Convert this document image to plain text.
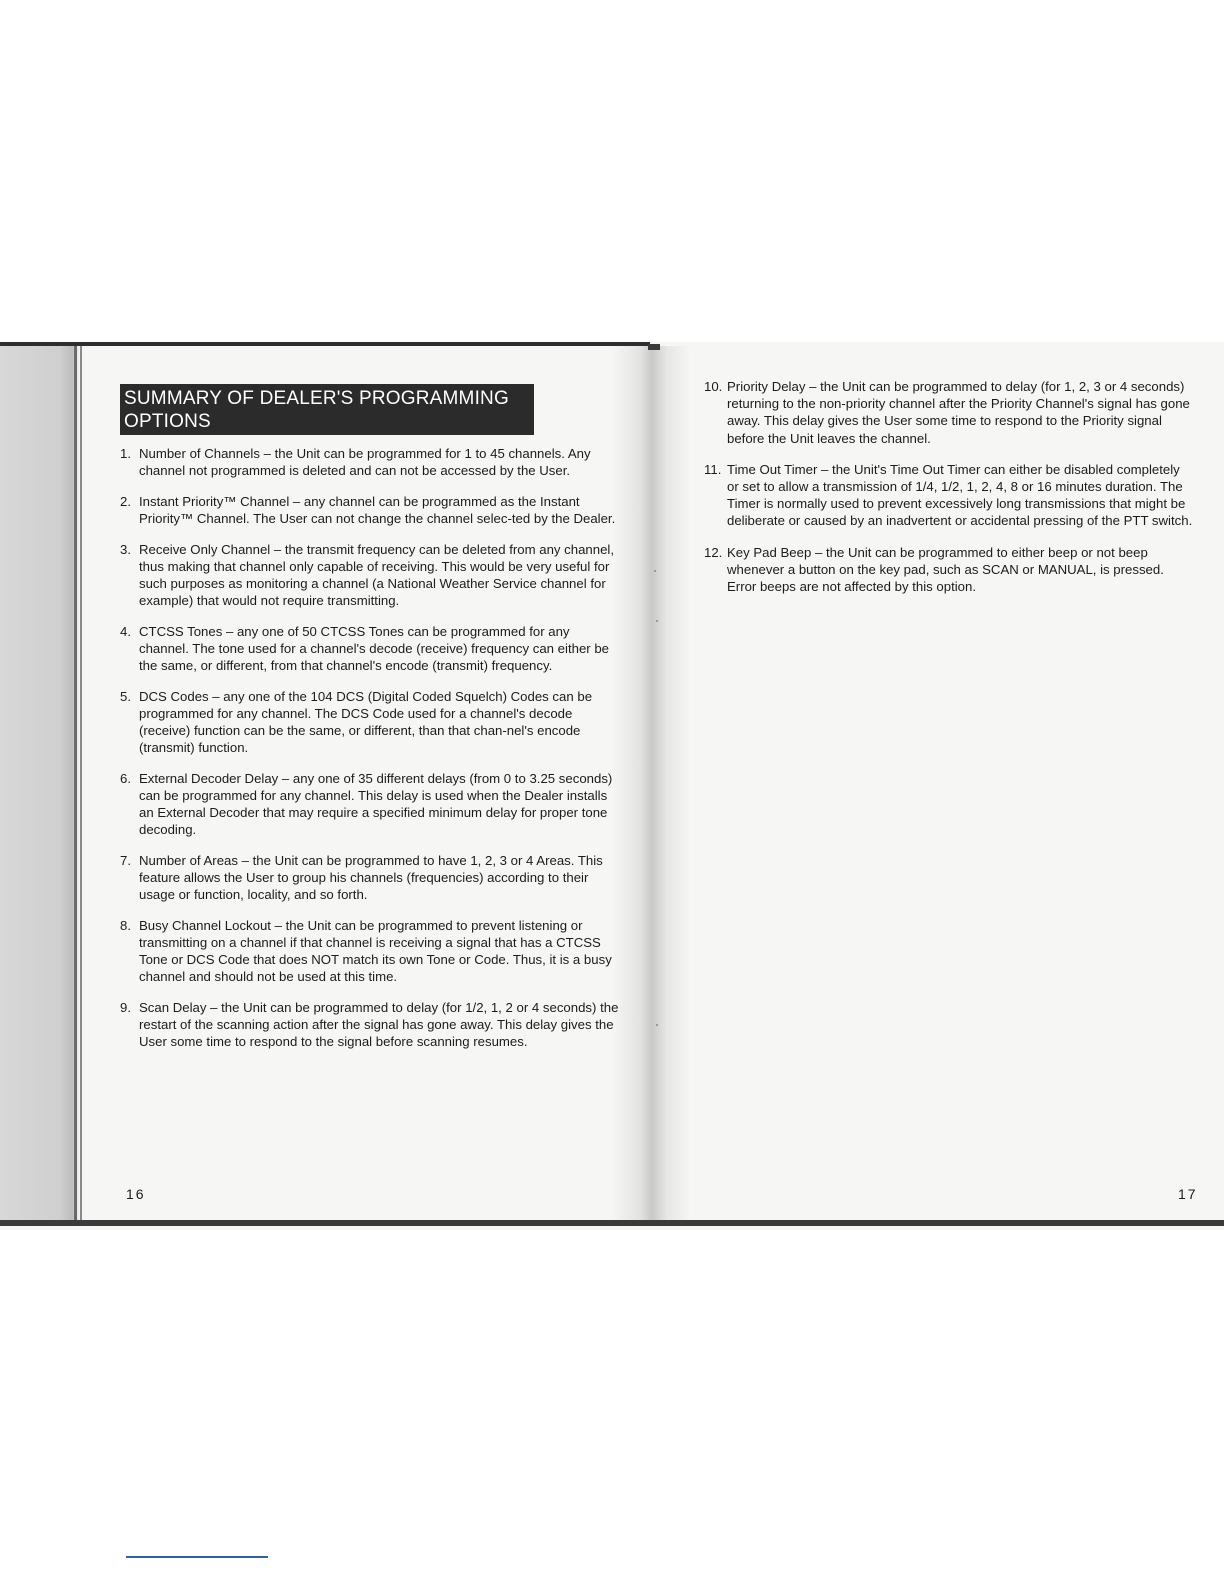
SUMMARY OF DEALER'S PROGRAMMING
OPTIONS
1. Number of Channels – the Unit can be programmed for 1 to 45 channels. Any channel not programmed is deleted and can not be accessed by the User.
2. Instant Priority™ Channel – any channel can be programmed as the Instant Priority™ Channel. The User can not change the channel selec-ted by the Dealer.
3. Receive Only Channel – the transmit frequency can be deleted from any channel, thus making that channel only capable of receiving. This would be very useful for such purposes as monitoring a channel (a National Weather Service channel for example) that would not require transmitting.
4. CTCSS Tones – any one of 50 CTCSS Tones can be programmed for any channel. The tone used for a channel's decode (receive) frequency can either be the same, or different, from that channel's encode (transmit) frequency.
5. DCS Codes – any one of the 104 DCS (Digital Coded Squelch) Codes can be programmed for any channel. The DCS Code used for a channel's decode (receive) function can be the same, or different, than that chan-nel's encode (transmit) function.
6. External Decoder Delay – any one of 35 different delays (from 0 to 3.25 seconds) can be programmed for any channel. This delay is used when the Dealer installs an External Decoder that may require a specified minimum delay for proper tone decoding.
7. Number of Areas – the Unit can be programmed to have 1, 2, 3 or 4 Areas. This feature allows the User to group his channels (frequencies) according to their usage or function, locality, and so forth.
8. Busy Channel Lockout – the Unit can be programmed to prevent listening or transmitting on a channel if that channel is receiving a signal that has a CTCSS Tone or DCS Code that does NOT match its own Tone or Code. Thus, it is a busy channel and should not be used at this time.
9. Scan Delay – the Unit can be programmed to delay (for 1/2, 1, 2 or 4 seconds) the restart of the scanning action after the signal has gone away. This delay gives the User some time to respond to the signal before scanning resumes.
16
10. Priority Delay – the Unit can be programmed to delay (for 1, 2, 3 or 4 seconds) returning to the non-priority channel after the Priority Channel's signal has gone away. This delay gives the User some time to respond to the Priority signal before the Unit leaves the channel.
11. Time Out Timer – the Unit's Time Out Timer can either be disabled completely or set to allow a transmission of 1/4, 1/2, 1, 2, 4, 8 or 16 minutes duration. The Timer is normally used to prevent excessively long transmissions that might be deliberate or caused by an inadvertent or accidental pressing of the PTT switch.
12. Key Pad Beep – the Unit can be programmed to either beep or not beep whenever a button on the key pad, such as SCAN or MANUAL, is pressed. Error beeps are not affected by this option.
17
